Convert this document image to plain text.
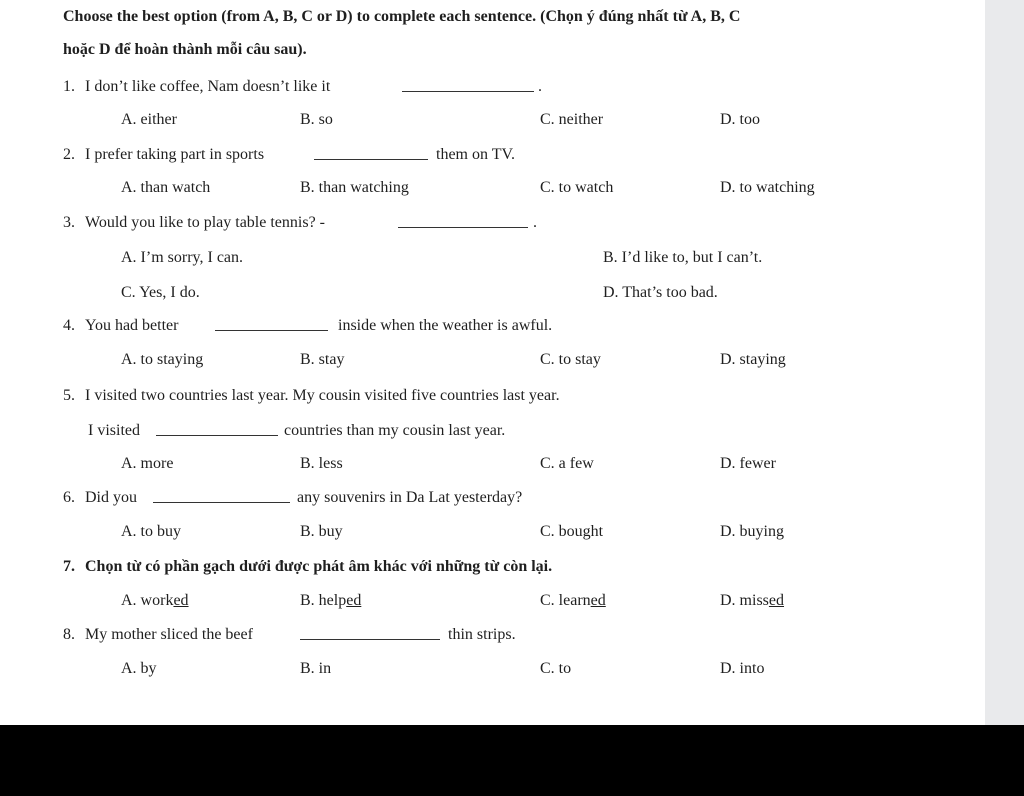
Choose the best option (from A, B, C or D) to complete each sentence. (Chọn ý đúng nhất từ A, B, C
hoặc D để hoàn thành mỗi câu sau).
1. I don’t like coffee, Nam doesn’t like it	.
A. either	B. so	C. neither	D. too
2. I prefer taking part in sports	them on TV.
A. than watch	B. than watching	C. to watch	D. to watching
3. Would you like to play table tennis? -	.
A. I’m sorry, I can.	B. I’d like to, but I can’t.
C. Yes, I do.	D. That’s too bad.
4. You had better	inside when the weather is awful.
A. to staying	B. stay	C. to stay	D. staying
5. I visited two countries last year. My cousin visited five countries last year.
I visited	countries than my cousin last year.
A. more	B. less	C. a few	D. fewer
6. Did you	any souvenirs in Da Lat yesterday?
A. to buy	B. buy	C. bought	D. buying
7. Chọn từ có phần gạch dưới được phát âm khác với những từ còn lại.
A. worked	B. helped	C. learned	D. missed
8. My mother sliced the beef	thin strips.
A. by	B. in	C. to	D. into
